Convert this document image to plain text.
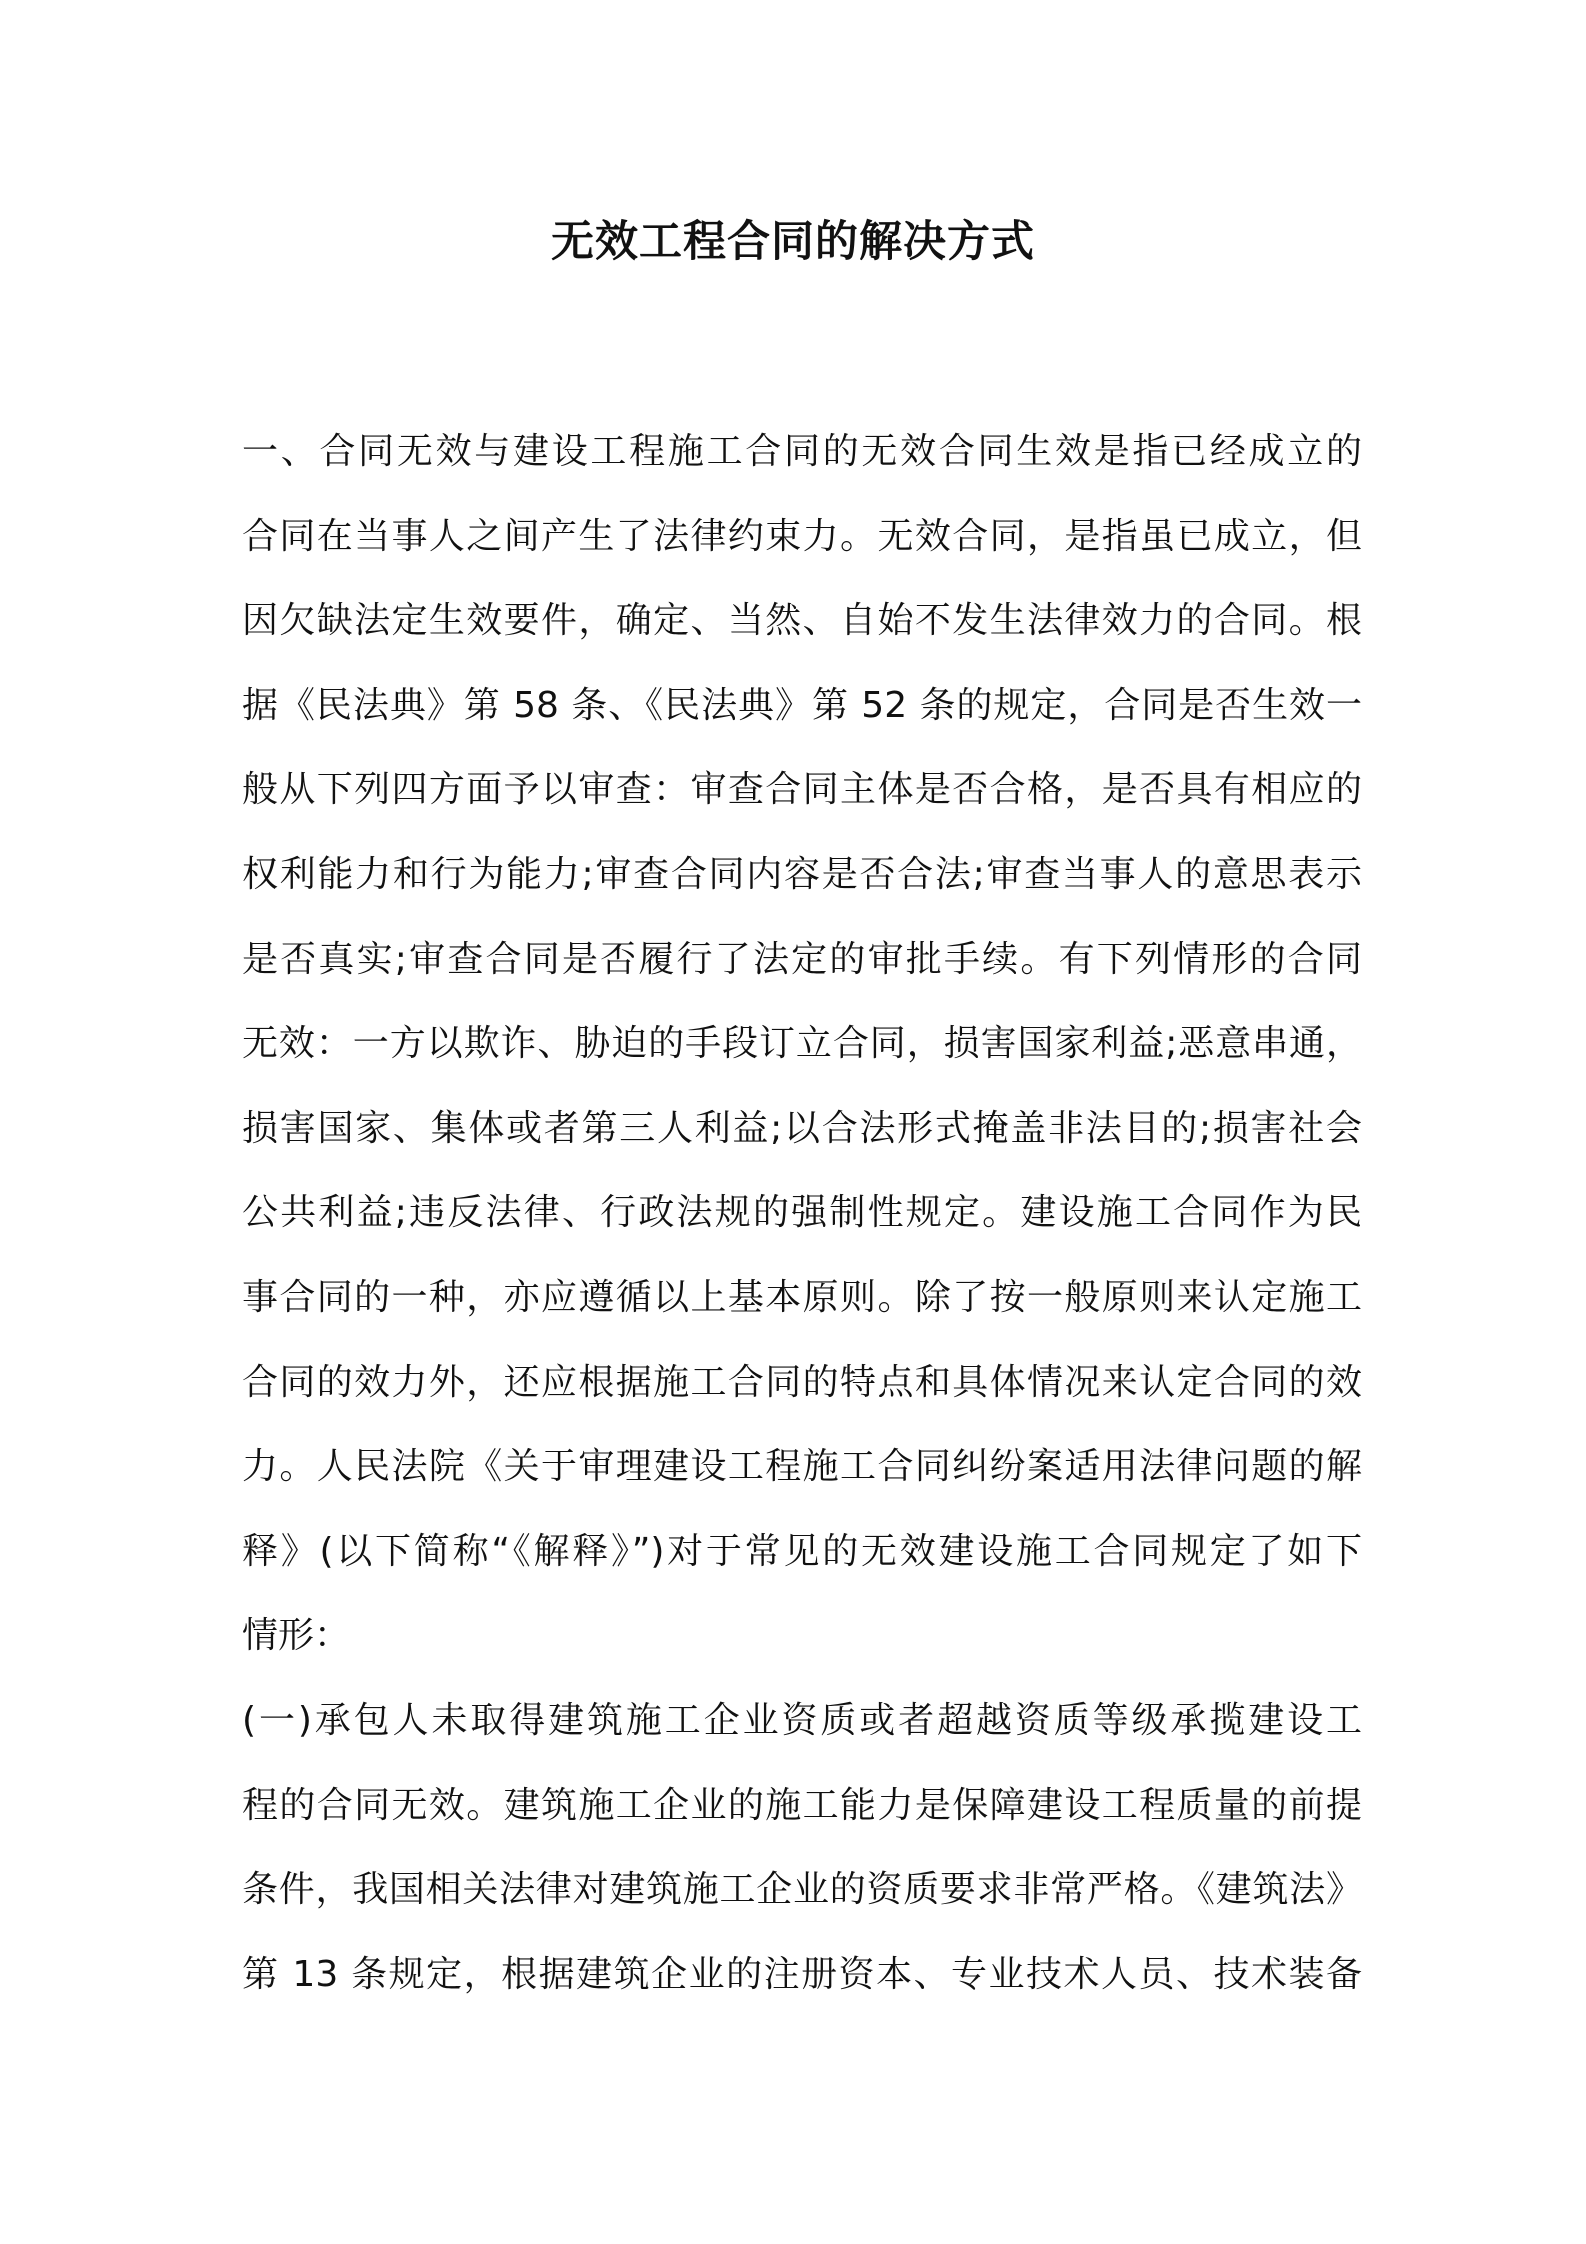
无效工程合同的解决方式
一、合同无效与建设工程施工合同的无效合同生效是指已经成立的
合同在当事人之间产生了法律约束力。无效合同，是指虽已成立，但
因欠缺法定生效要件，确定、当然、自始不发生法律效力的合同。根
据《民法典》第 58 条、《民法典》第 52 条的规定，合同是否生效一
般从下列四方面予以审查：审查合同主体是否合格，是否具有相应的
权利能力和行为能力;审查合同内容是否合法;审查当事人的意思表示
是否真实;审查合同是否履行了法定的审批手续。有下列情形的合同
无效：一方以欺诈、胁迫的手段订立合同，损害国家利益;恶意串通，
损害国家、集体或者第三人利益;以合法形式掩盖非法目的;损害社会
公共利益;违反法律、行政法规的强制性规定。建设施工合同作为民
事合同的一种，亦应遵循以上基本原则。除了按一般原则来认定施工
合同的效力外，还应根据施工合同的特点和具体情况来认定合同的效
力。人民法院《关于审理建设工程施工合同纠纷案适用法律问题的解
释》(以下简称“《解释》”)对于常见的无效建设施工合同规定了如下
情形：
(一)承包人未取得建筑施工企业资质或者超越资质等级承揽建设工
程的合同无效。建筑施工企业的施工能力是保障建设工程质量的前提
条件，我国相关法律对建筑施工企业的资质要求非常严格。《建筑法》
第 13 条规定，根据建筑企业的注册资本、专业技术人员、技术装备
